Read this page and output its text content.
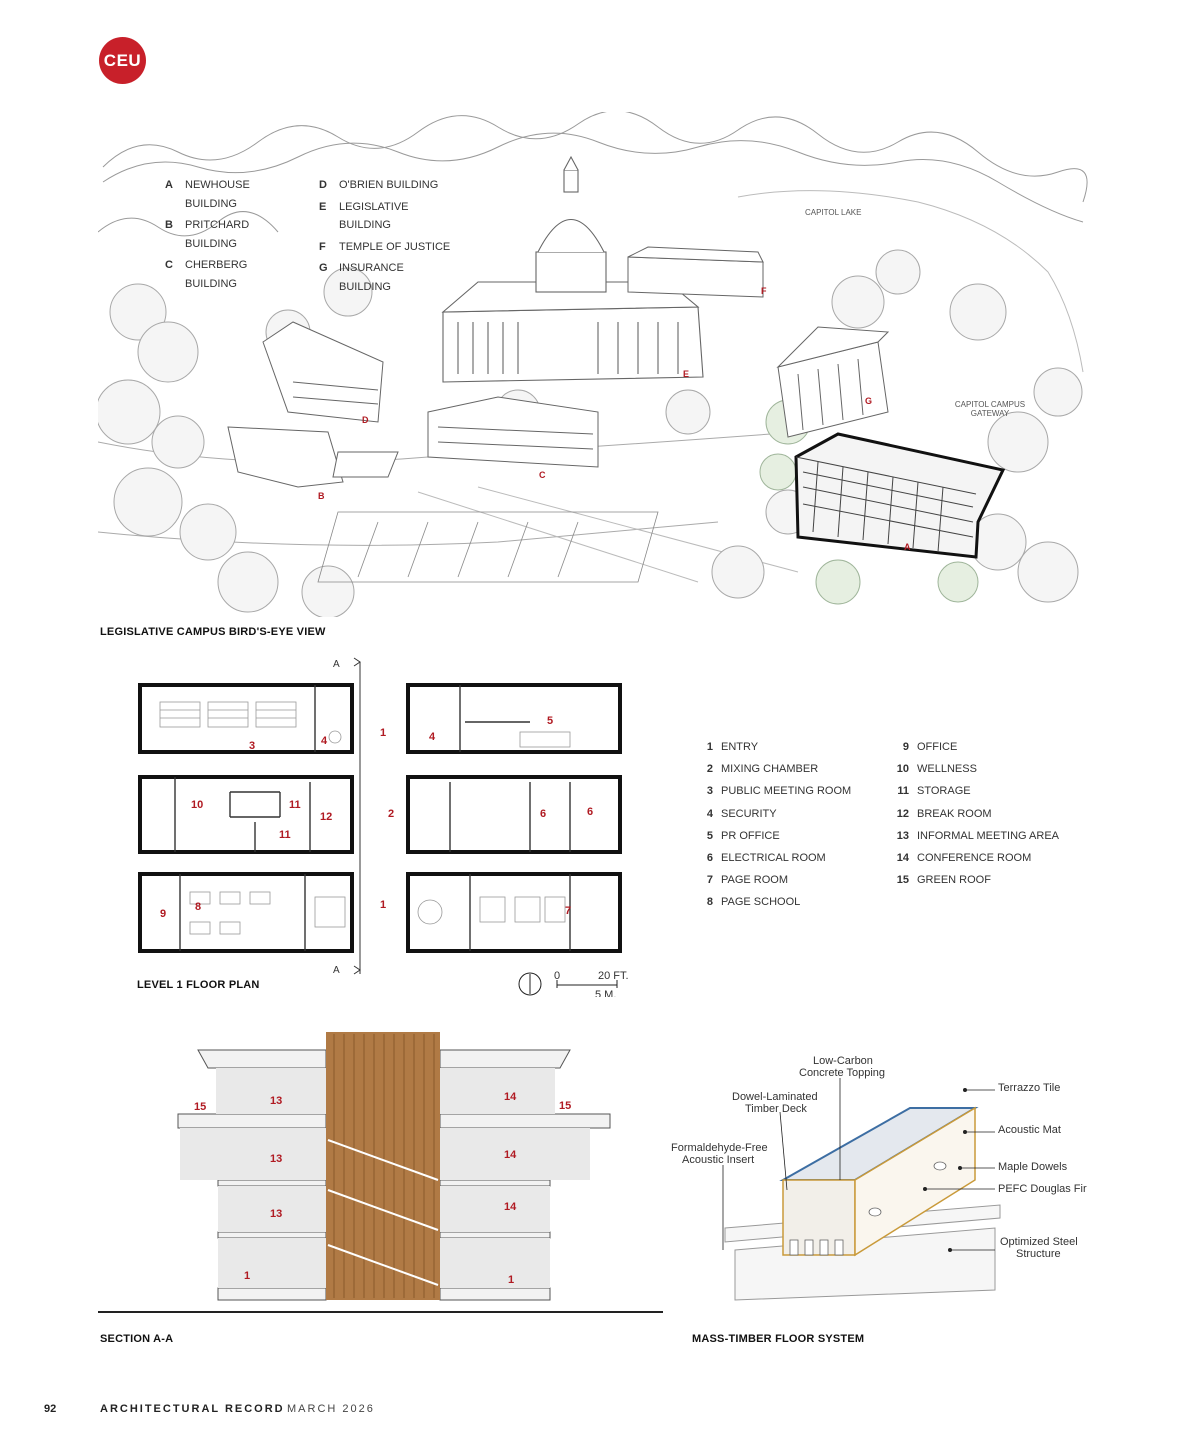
CEU
CAPITOL LAKE
CAPITOL CAMPUS
GATEWAY
A
B
C
D
E
F
G
A	NEWHOUSE
BUILDING
B	PRITCHARD
BUILDING
C	CHERBERG
BUILDING
D	O'BRIEN BUILDING
E	LEGISLATIVE
BUILDING
F	TEMPLE OF JUSTICE
G	INSURANCE
BUILDING
LEGISLATIVE CAMPUS BIRD'S-EYE VIEW
A
A
1
1
2
3	4	4
5
6	6
7
8
9
10	11
11
12
0	20 FT.
5 M.
LEVEL 1 FLOOR PLAN
1 ENTRY
2 MIXING CHAMBER
3 PUBLIC MEETING ROOM
4 SECURITY
5 PR OFFICE
6 ELECTRICAL ROOM
7 PAGE ROOM
8 PAGE SCHOOL
9 OFFICE
10 WELLNESS
11 STORAGE
12 BREAK ROOM
13 INFORMAL MEETING AREA
14 CONFERENCE ROOM
15 GREEN ROOF
15	15
13
13
13
14
14
14
1	1
SECTION A-A
Low-Carbon
Concrete Topping
Dowel-Laminated
Timber Deck
Formaldehyde-Free
Acoustic Insert
Terrazzo Tile
Acoustic Mat
Maple Dowels
PEFC Douglas Fir
Optimized Steel
Structure
MASS-TIMBER FLOOR SYSTEM
92	ARCHITECTURAL RECORD MARCH 2026
